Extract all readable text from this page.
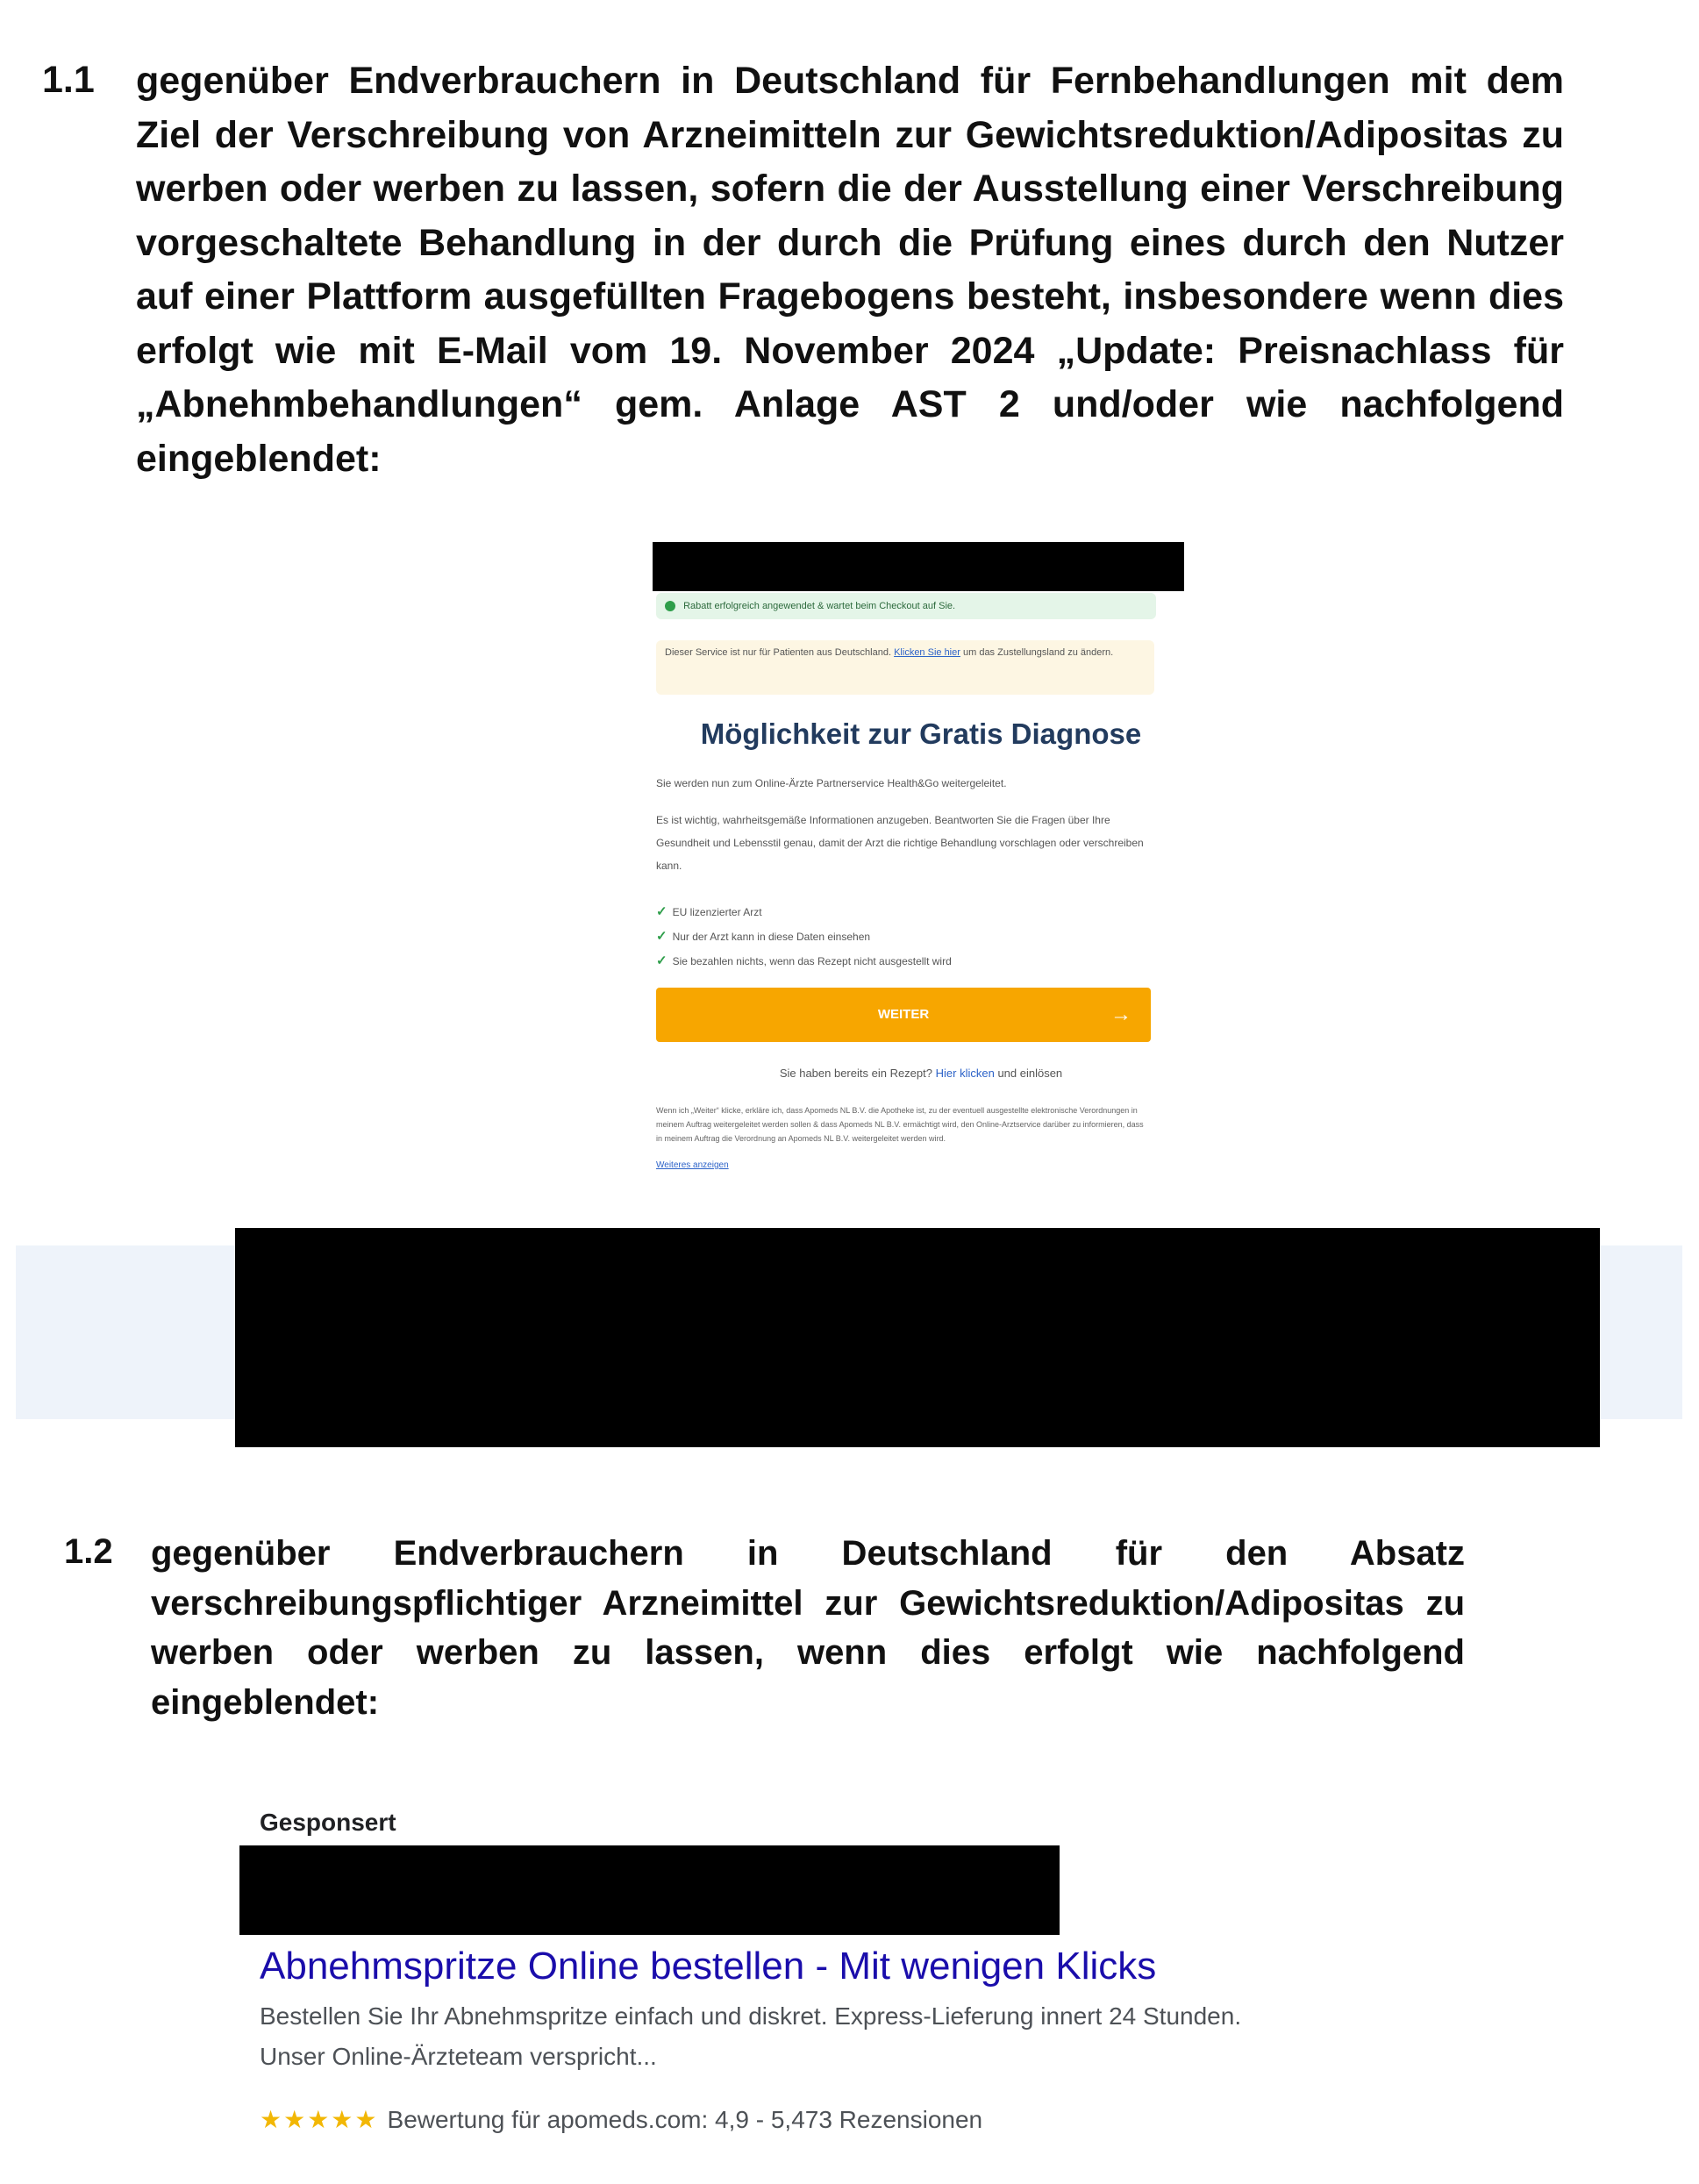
1.1 gegenüber Endverbrauchern in Deutschland für Fernbehandlungen mit dem Ziel der Verschreibung von Arzneimitteln zur Gewichtsreduktion/Adipositas zu werben oder werben zu lassen, sofern die der Ausstellung einer Verschreibung vorgeschaltete Behandlung in der durch die Prüfung eines durch den Nutzer auf einer Plattform ausgefüllten Fragebogens besteht, insbesondere wenn dies erfolgt wie mit E-Mail vom 19. November 2024 „Update: Preisnachlass für „Abnehmbehandlungen“ gem. Anlage AST 2 und/oder wie nachfolgend eingeblendet:

Rabatt erfolgreich angewendet & wartet beim Checkout auf Sie.
Dieser Service ist nur für Patienten aus Deutschland. Klicken Sie hier um das Zustellungsland zu ändern.
Möglichkeit zur Gratis Diagnose
Sie werden nun zum Online-Ärzte Partnerservice Health&Go weitergeleitet.
Es ist wichtig, wahrheitsgemäße Informationen anzugeben. Beantworten Sie die Fragen über Ihre Gesundheit und Lebensstil genau, damit der Arzt die richtige Behandlung vorschlagen oder verschreiben kann.
✓ EU lizenzierter Arzt
✓ Nur der Arzt kann in diese Daten einsehen
✓ Sie bezahlen nichts, wenn das Rezept nicht ausgestellt wird
WEITER	→
Sie haben bereits ein Rezept? Hier klicken und einlösen
Wenn ich „Weiter“ klicke, erkläre ich, dass Apomeds NL B.V. die Apotheke ist, zu der eventuell ausgestellte elektronische Verordnungen in meinem Auftrag weitergeleitet werden sollen & dass Apomeds NL B.V. ermächtigt wird, den Online-Arztservice darüber zu informieren, dass in meinem Auftrag die Verordnung an Apomeds NL B.V. weitergeleitet werden wird.
Weiteres anzeigen
1.2 gegenüber Endverbrauchern in Deutschland für den Absatz verschreibungspflichtiger Arzneimittel zur Gewichtsreduktion/Adipositas zu werben oder werben zu lassen, wenn dies erfolgt wie nachfolgend eingeblendet:

Gesponsert
Abnehmspritze Online bestellen - Mit wenigen Klicks
Bestellen Sie Ihr Abnehmspritze einfach und diskret. Express-Lieferung innert 24 Stunden.
Unser Online-Ärzteteam verspricht...
★★★★★ Bewertung für apomeds.com: 4,9 - 5,473 Rezensionen
